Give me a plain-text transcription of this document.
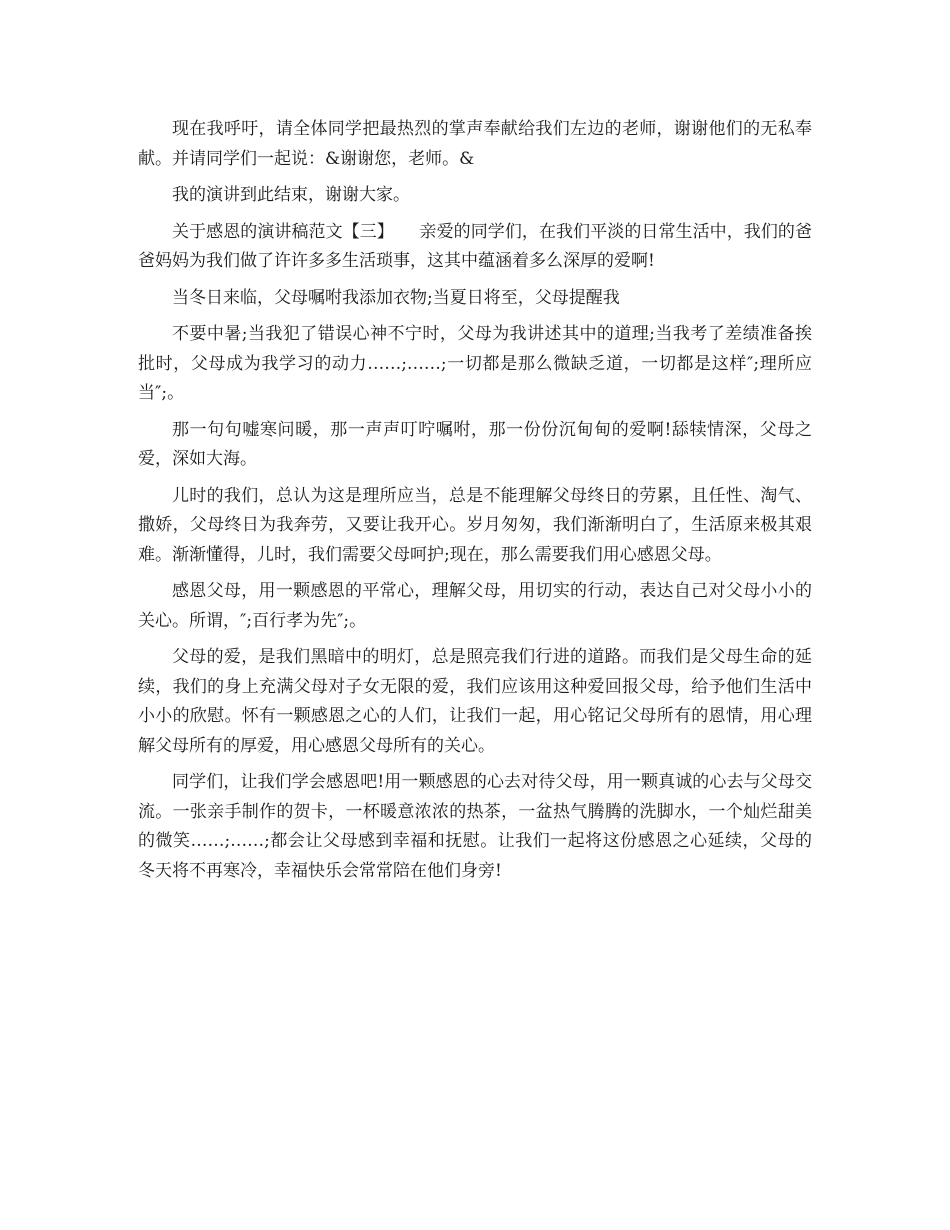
现在我呼吁，请全体同学把最热烈的掌声奉献给我们左边的老师，谢谢他们的无私奉献。并请同学们一起说：&谢谢您，老师。&

我的演讲到此结束，谢谢大家。

关于感恩的演讲稿范文【三】　　亲爱的同学们，在我们平淡的日常生活中，我们的爸爸妈妈为我们做了许许多多生活琐事，这其中蕴涵着多么深厚的爱啊!

当冬日来临，父母嘱咐我添加衣物;当夏日将至，父母提醒我

不要中暑;当我犯了错误心神不宁时，父母为我讲述其中的道理;当我考了差绩准备挨批时，父母成为我学习的动力……;……;一切都是那么微缺乏道，一切都是这样″;理所应当″;。

那一句句嘘寒问暖，那一声声叮咛嘱咐，那一份份沉甸甸的爱啊!舔犊情深，父母之爱，深如大海。

儿时的我们，总认为这是理所应当，总是不能理解父母终日的劳累，且任性、淘气、撒娇，父母终日为我奔劳，又要让我开心。岁月匆匆，我们渐渐明白了，生活原来极其艰难。渐渐懂得，儿时，我们需要父母呵护;现在，那么需要我们用心感恩父母。

感恩父母，用一颗感恩的平常心，理解父母，用切实的行动，表达自己对父母小小的关心。所谓，″;百行孝为先″;。

父母的爱，是我们黑暗中的明灯，总是照亮我们行进的道路。而我们是父母生命的延续，我们的身上充满父母对子女无限的爱，我们应该用这种爱回报父母，给予他们生活中小小的欣慰。怀有一颗感恩之心的人们，让我们一起，用心铭记父母所有的恩情，用心理解父母所有的厚爱，用心感恩父母所有的关心。

同学们，让我们学会感恩吧!用一颗感恩的心去对待父母，用一颗真诚的心去与父母交流。一张亲手制作的贺卡，一杯暖意浓浓的热茶，一盆热气腾腾的洗脚水，一个灿烂甜美的微笑……;……;都会让父母感到幸福和抚慰。让我们一起将这份感恩之心延续，父母的冬天将不再寒冷，幸福快乐会常常陪在他们身旁!
